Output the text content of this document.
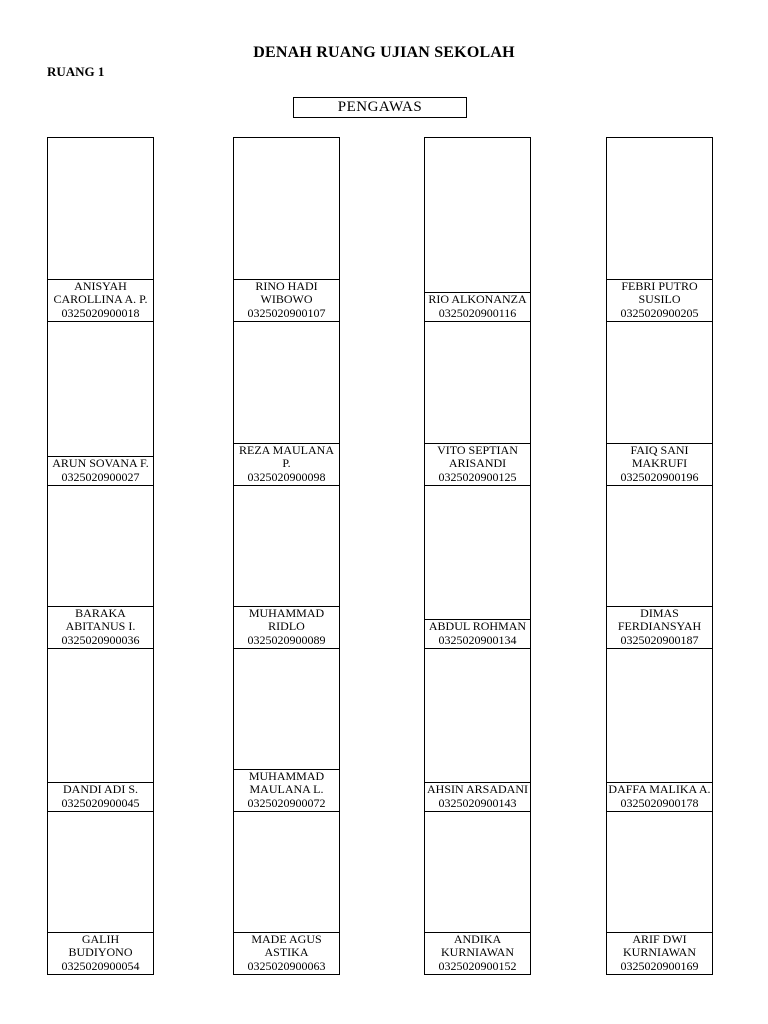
DENAH RUANG UJIAN SEKOLAH
RUANG 1
PENGAWAS
ANISYAH CAROLLINA A. P.
0325020900018
ARUN SOVANA F.
0325020900027
BARAKA ABITANUS I.
0325020900036
DANDI ADI S.
0325020900045
GALIH BUDIYONO
0325020900054
RINO HADI WIBOWO
0325020900107
REZA MAULANA P.
0325020900098
MUHAMMAD RIDLO
0325020900089
MUHAMMAD MAULANA L.
0325020900072
MADE AGUS ASTIKA
0325020900063
RIO ALKONANZA
0325020900116
VITO SEPTIAN ARISANDI
0325020900125
ABDUL ROHMAN
0325020900134
AHSIN ARSADANI
0325020900143
ANDIKA KURNIAWAN
0325020900152
FEBRI PUTRO SUSILO
0325020900205
FAIQ SANI MAKRUFI
0325020900196
DIMAS FERDIANSYAH
0325020900187
DAFFA MALIKA A.
0325020900178
ARIF DWI KURNIAWAN
0325020900169
